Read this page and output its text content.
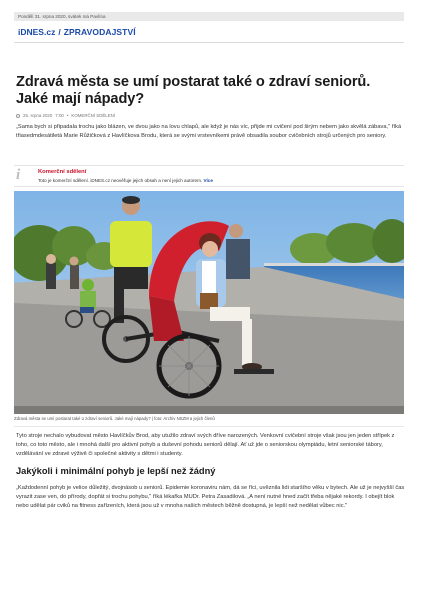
Pondělí 31. srpna 2020, svátek má Pavlína
iDNES.cz / ZPRAVODAJSTVÍ
Zdravá města se umí postarat také o zdraví seniorů. Jaké mají nápady?
25. srpna 2020 7:00 • KOMERČNÍ SDĚLENÍ

„Sama bych si připadala trochu jako blázen, ve dvou jako na lovu chlapů, ale když je nás víc, přijde mi cvičení pod širým nebem jako skvělá zábava," říká třiasedmdesátiletá Marie Růžičková z Havlíčkova Brodu, která se svými vrstevníkemi právě obsadila soubor cvičebních strojů určených pro seniory.

i	Komerční sdělení
Toto je komerční sdělení. iDNES.cz neověřuje jejich obsah a není jejich autorem. Více
Zdravá města se umí postarat také o zdraví seniorů. Jaké mají nápady? | foto: Archiv NSZM a jejich členů

Tyto stroje nechalo vybudovat město Havlíčkův Brod, aby utužilo zdraví svých dříve narozených. Venkovní cvičební stroje však jsou jen jeden střípek z toho, co toto město, ale i mnohá další pro aktivní pohyb a duševní pohodu seniorů dělají. Ať už jde o seniorskou olympiádu, letní seniorské tábory, vzdělávání ve zdravé výživě či společné aktivity s dětmi i studenty.

Jakýkoli i minimální pohyb je lepší než žádný

„Každodenní pohyb je velice důležitý, dvojnásob u seniorů. Epidemie koronaviru nám, dá se říci, uvěznila lidi staršího věku v bytech. Ale už je nejvyšší čas vyrazit zase ven, do přírody, dopřát si trochu pohybu," říká lékařka MUDr. Petra Zasadilová. „A není nutné hned začít třeba nějaké rekordy. I obejít blok nebo udělat pár cviků na fitness zařízeních, která jsou už v mnoha našich městech běžně dostupná, je lepší než nedělat vůbec nic."
